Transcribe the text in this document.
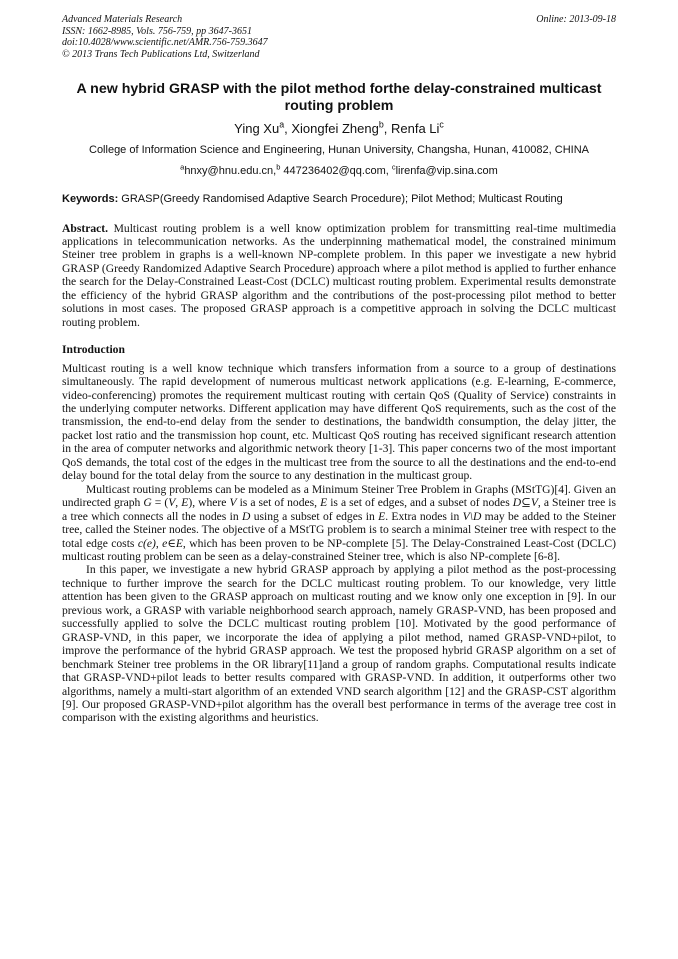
Advanced Materials Research
ISSN: 1662-8985, Vols. 756-759, pp 3647-3651
doi:10.4028/www.scientific.net/AMR.756-759.3647
© 2013 Trans Tech Publications Ltd, Switzerland
Online: 2013-09-18
A new hybrid GRASP with the pilot method forthe delay-constrained multicast routing problem
Ying Xu$^a$, Xiongfei Zheng$^b$, Renfa Li$^c$
College of Information Science and Engineering, Hunan University, Changsha, Hunan, 410082, CHINA
$^a$hnxy@hnu.edu.cn,$^b$ 447236402@qq.com, $^c$lirenfa@vip.sina.com
Keywords: GRASP(Greedy Randomised Adaptive Search Procedure); Pilot Method; Multicast Routing

Abstract. Multicast routing problem is a well know optimization problem for transmitting real-time multimedia applications in telecommunication networks. As the underpinning mathematical model, the constrained minimum Steiner tree problem in graphs is a well-known NP-complete problem. In this paper we investigate a new hybrid GRASP (Greedy Randomized Adaptive Search Procedure) approach where a pilot method is applied to further enhance the search for the Delay-Constrained Least-Cost (DCLC) multicast routing problem. Experimental results demonstrate the efficiency of the hybrid GRASP algorithm and the contributions of the post-processing pilot method to better solutions in most cases. The proposed GRASP approach is a competitive approach in solving the DCLC multicast routing problem.

Introduction

Multicast routing is a well know technique which transfers information from a source to a group of destinations simultaneously. The rapid development of numerous multicast network applications (e.g. E-learning, E-commerce, video-conferencing) promotes the requirement multicast routing with certain QoS (Quality of Service) constraints in the underlying computer networks. Different application may have different QoS requirements, such as the cost of the transmission, the end-to-end delay from the sender to destinations, the bandwidth consumption, the delay jitter, the packet lost ratio and the transmission hop count, etc. Multicast QoS routing has received significant research attention in the area of computer networks and algorithmic network theory [1-3]. This paper concerns two of the most important QoS demands, the total cost of the edges in the multicast tree from the source to all the destinations and the end-to-end delay bound for the total delay from the source to any destination in the multicast group.

Multicast routing problems can be modeled as a Minimum Steiner Tree Problem in Graphs (MStTG)[4]. Given an undirected graph G = (V, E), where V is a set of nodes, E is a set of edges, and a subset of nodes D⊆V, a Steiner tree is a tree which connects all the nodes in D using a subset of edges in E. Extra nodes in V\D may be added to the Steiner tree, called the Steiner nodes. The objective of a MStTG problem is to search a minimal Steiner tree with respect to the total edge costs c(e), e∈E, which has been proven to be NP-complete [5]. The Delay-Constrained Least-Cost (DCLC) multicast routing problem can be seen as a delay-constrained Steiner tree, which is also NP-complete [6-8].

In this paper, we investigate a new hybrid GRASP approach by applying a pilot method as the post-processing technique to further improve the search for the DCLC multicast routing problem. To our knowledge, very little attention has been given to the GRASP approach on multicast routing and we know only one exception in [9]. In our previous work, a GRASP with variable neighborhood search approach, namely GRASP-VND, has been proposed and successfully applied to solve the DCLC multicast routing problem [10]. Motivated by the good performance of GRASP-VND, in this paper, we incorporate the idea of applying a pilot method, named GRASP-VND+pilot, to improve the performance of the hybrid GRASP approach. We test the proposed hybrid GRASP algorithm on a set of benchmark Steiner tree problems in the OR library[11]and a group of random graphs. Computational results indicate that GRASP-VND+pilot leads to better results compared with GRASP-VND. In addition, it outperforms other two algorithms, namely a multi-start algorithm of an extended VND search algorithm [12] and the GRASP-CST algorithm [9]. Our proposed GRASP-VND+pilot algorithm has the overall best performance in terms of the average tree cost in comparison with the existing algorithms and heuristics.
